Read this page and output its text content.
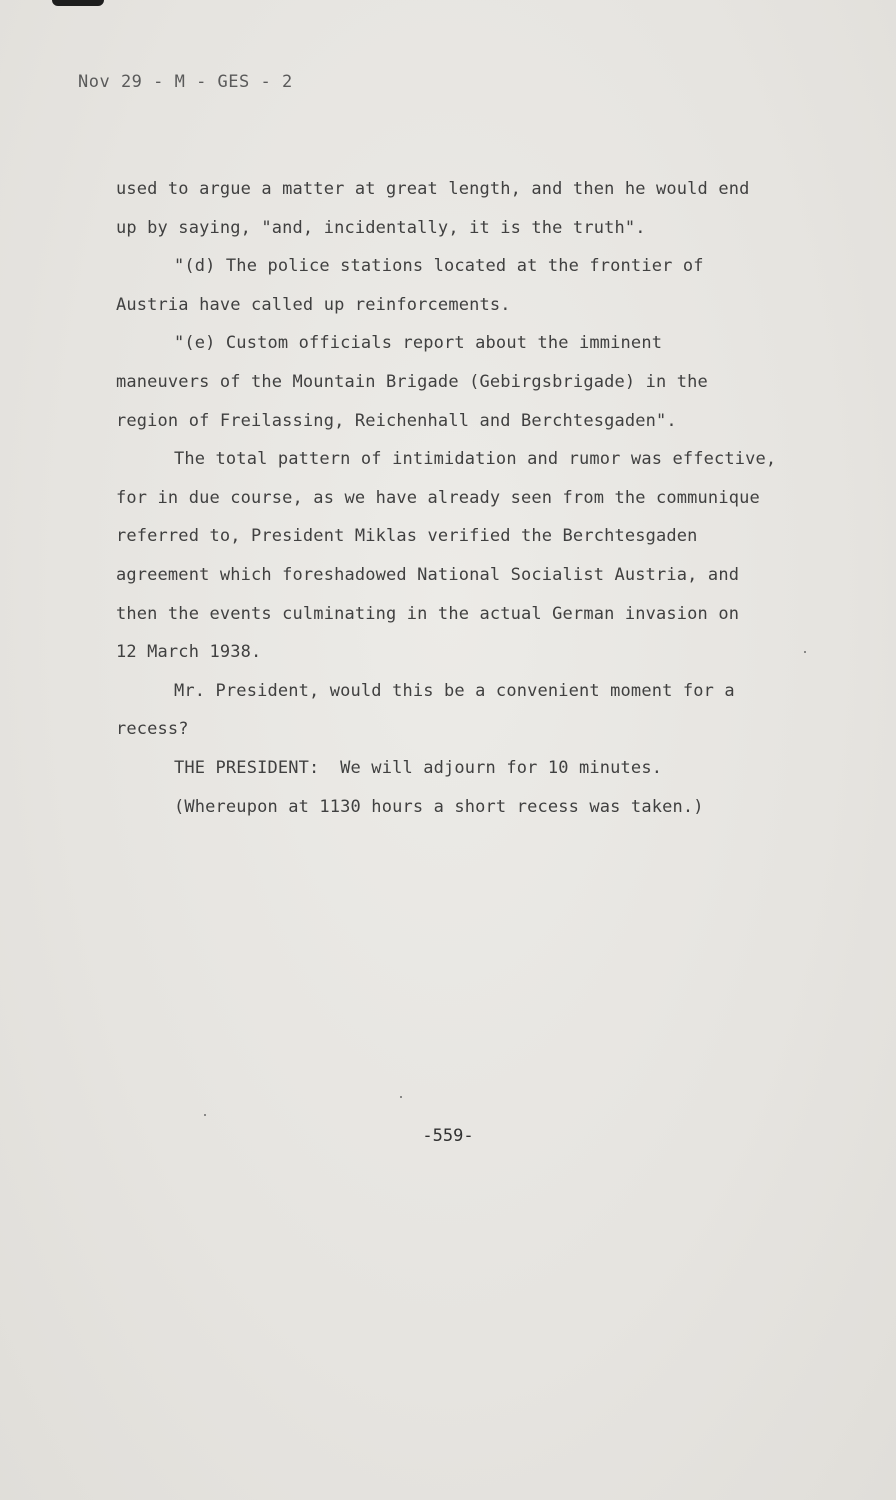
Nov 29 - M - GES - 2
used to argue a matter at great length, and then he would end
up by saying, "and, incidentally, it is the truth".
"(d) The police stations located at the frontier of
Austria have called up reinforcements.
"(e) Custom officials report about the imminent
maneuvers of the Mountain Brigade (Gebirgsbrigade) in the
region of Freilassing, Reichenhall and Berchtesgaden".
The total pattern of intimidation and rumor was effective,
for in due course, as we have already seen from the communique
referred to, President Miklas verified the Berchtesgaden
agreement which foreshadowed National Socialist Austria, and
then the events culminating in the actual German invasion on
12 March 1938.
Mr. President, would this be a convenient moment for a
recess?
THE PRESIDENT:  We will adjourn for 10 minutes.
(Whereupon at 1130 hours a short recess was taken.)
-559-
